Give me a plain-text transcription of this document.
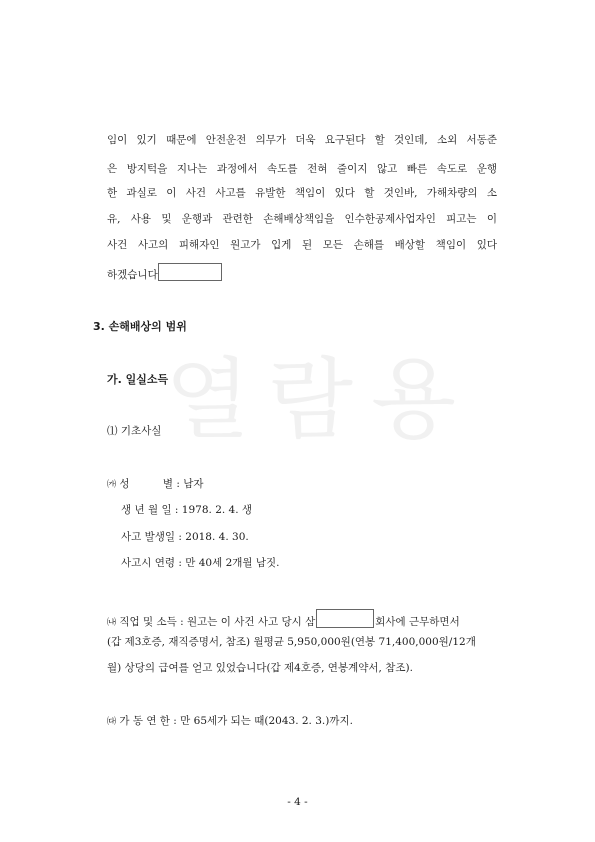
열람용
임이 있기 때문에 안전운전 의무가 더욱 요구된다 할 것인데, 소외 서동준
은 방지턱을 지나는 과정에서 속도를 전혀 줄이지 않고 빠른 속도로 운행
한 과실로 이 사건 사고를 유발한 책임이 있다 할 것인바, 가해차량의 소
유, 사용 및 운행과 관련한 손해배상책임을 인수한공제사업자인 피고는 이
사건 사고의 피해자인 원고가 입게 된 모든 손해를 배상할 책임이 있다
하겠습니다
3. 손해배상의 범위
가. 일실소득
⑴ 기초사실
㈎ 성          별 : 남자
생 년 월 일 : 1978. 2. 4. 생
사고 발생일 : 2018. 4. 30.
사고시 연령 : 만 40세 2개월 남짓.
㈏ 직업 및 소득 : 원고는 이 사건 사고 당시 삼	회사에 근무하면서
(갑 제3호증, 재직증명서, 참조) 월평균 5,950,000원(연봉 71,400,000원/12개
월) 상당의 급여를 얻고 있었습니다(갑 제4호증, 연봉계약서, 참조).
㈐ 가 동 연 한 : 만 65세가 되는 때(2043. 2. 3.)까지.
- 4 -
